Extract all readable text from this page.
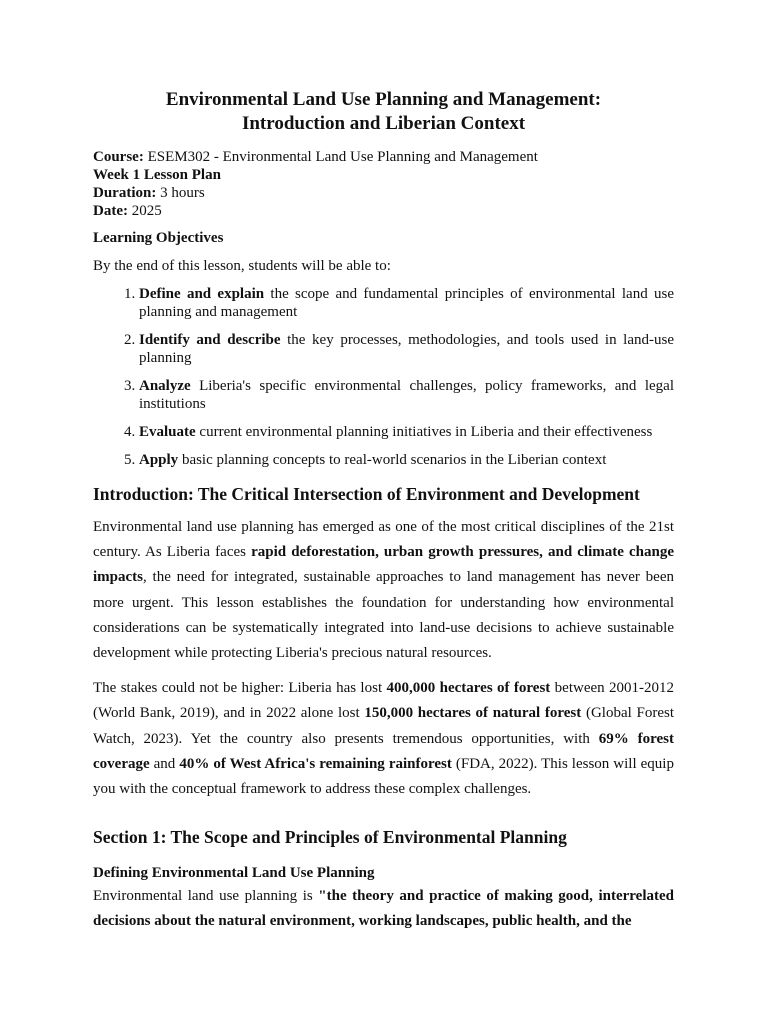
Environmental Land Use Planning and Management:
Introduction and Liberian Context
Course: ESEM302 - Environmental Land Use Planning and Management
Week 1 Lesson Plan
Duration: 3 hours
Date: 2025
Learning Objectives
By the end of this lesson, students will be able to:
1. Define and explain the scope and fundamental principles of environmental land use planning and management
2. Identify and describe the key processes, methodologies, and tools used in land-use planning
3. Analyze Liberia's specific environmental challenges, policy frameworks, and legal institutions
4. Evaluate current environmental planning initiatives in Liberia and their effectiveness
5. Apply basic planning concepts to real-world scenarios in the Liberian context
Introduction: The Critical Intersection of Environment and Development

Environmental land use planning has emerged as one of the most critical disciplines of the 21st century. As Liberia faces rapid deforestation, urban growth pressures, and climate change impacts, the need for integrated, sustainable approaches to land management has never been more urgent. This lesson establishes the foundation for understanding how environmental considerations can be systematically integrated into land-use decisions to achieve sustainable development while protecting Liberia's precious natural resources.

The stakes could not be higher: Liberia has lost 400,000 hectares of forest between 2001-2012 (World Bank, 2019), and in 2022 alone lost 150,000 hectares of natural forest (Global Forest Watch, 2023). Yet the country also presents tremendous opportunities, with 69% forest coverage and 40% of West Africa's remaining rainforest (FDA, 2022). This lesson will equip you with the conceptual framework to address these complex challenges.

Section 1: The Scope and Principles of Environmental Planning
Defining Environmental Land Use Planning

Environmental land use planning is "the theory and practice of making good, interrelated decisions about the natural environment, working landscapes, public health, and the
